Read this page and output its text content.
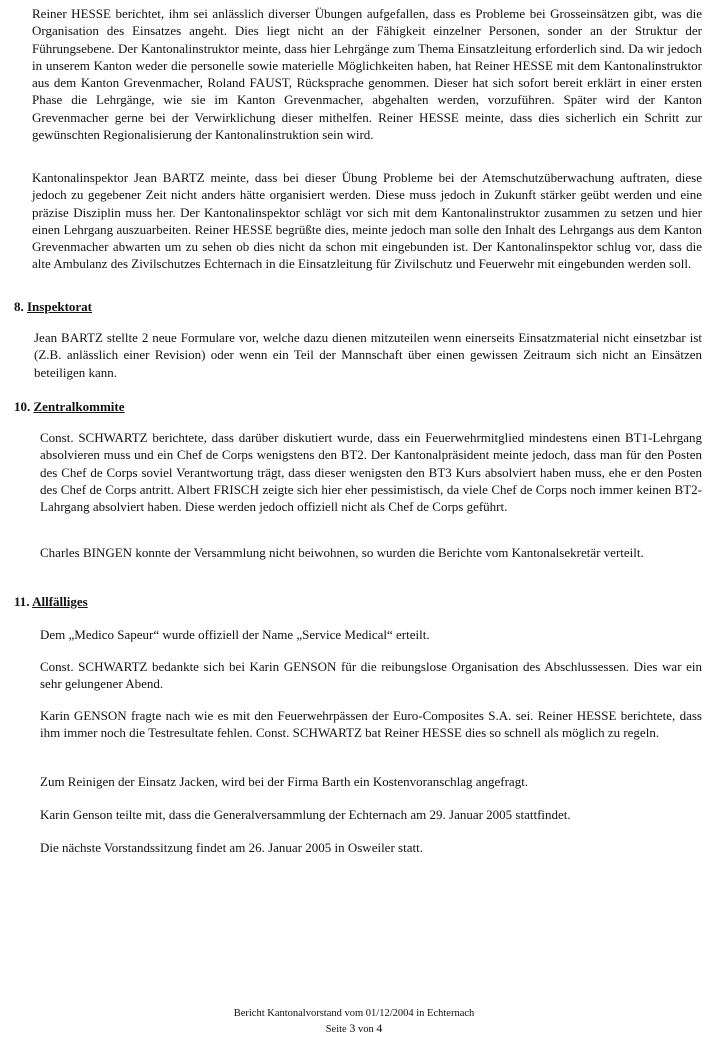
Reiner HESSE berichtet, ihm sei anlässlich diverser Übungen aufgefallen, dass es Probleme bei Grosseinsätzen gibt, was die Organisation des Einsatzes angeht. Dies liegt nicht an der Fähigkeit einzelner Personen, sonder an der Struktur der Führungsebene. Der Kantonalinstruktor meinte, dass hier Lehrgänge zum Thema Einsatzleitung erforderlich sind. Da wir jedoch in unserem Kanton weder die personelle sowie materielle Möglichkeiten haben, hat Reiner HESSE mit dem Kantonalinstruktor aus dem Kanton Grevenmacher, Roland FAUST, Rücksprache genommen. Dieser hat sich sofort bereit erklärt in einer ersten Phase die Lehrgänge, wie sie im Kanton Grevenmacher, abgehalten werden, vorzuführen. Später wird der Kanton Grevenmacher gerne bei der Verwirklichung dieser mithelfen. Reiner HESSE meinte, dass dies sicherlich ein Schritt zur gewünschten Regionalisierung der Kantonalinstruktion sein wird.

Kantonalinspektor Jean BARTZ meinte, dass bei dieser Übung Probleme bei der Atemschutzüberwachung auftraten, diese jedoch zu gegebener Zeit nicht anders hätte organisiert werden. Diese muss jedoch in Zukunft stärker geübt werden und eine präzise Disziplin muss her. Der Kantonalinspektor schlägt vor sich mit dem Kantonalinstruktor zusammen zu setzen und hier einen Lehrgang auszuarbeiten. Reiner HESSE begrüßte dies, meinte jedoch man solle den Inhalt des Lehrgangs aus dem Kanton Grevenmacher abwarten um zu sehen ob dies nicht da schon mit eingebunden ist. Der Kantonalinspektor schlug vor, dass die alte Ambulanz des Zivilschutzes Echternach in die Einsatzleitung für Zivilschutz und Feuerwehr mit eingebunden werden soll.

8. Inspektorat

Jean BARTZ stellte 2 neue Formulare vor, welche dazu dienen mitzuteilen wenn einerseits Einsatzmaterial nicht einsetzbar ist (Z.B. anlässlich einer Revision) oder wenn ein Teil der Mannschaft über einen gewissen Zeitraum sich nicht an Einsätzen beteiligen kann.

10. Zentralkommite

Const. SCHWARTZ berichtete, dass darüber diskutiert wurde, dass ein Feuerwehrmitglied mindestens einen BT1-Lehrgang absolvieren muss und ein Chef de Corps wenigstens den BT2. Der Kantonalpräsident meinte jedoch, dass man für den Posten des Chef de Corps soviel Verantwortung trägt, dass dieser wenigsten den BT3 Kurs absolviert haben muss, ehe er den Posten des Chef de Corps antritt. Albert FRISCH zeigte sich hier eher pessimistisch, da viele Chef de Corps noch immer keinen BT2-Lahrgang absolviert haben. Diese werden jedoch offiziell nicht als Chef de Corps geführt.

Charles BINGEN konnte der Versammlung nicht beiwohnen, so wurden die Berichte vom Kantonalsekretär verteilt.

11. Allfälliges

Dem „Medico Sapeur“ wurde offiziell der Name „Service Medical“ erteilt.

Const. SCHWARTZ bedankte sich bei Karin GENSON für die reibungslose Organisation des Abschlussessen. Dies war ein sehr gelungener Abend.

Karin GENSON fragte nach wie es mit den Feuerwehrpässen der Euro-Composites S.A. sei. Reiner HESSE berichtete, dass ihm immer noch die Testresultate fehlen. Const. SCHWARTZ bat Reiner HESSE dies so schnell als möglich zu regeln.

Zum Reinigen der Einsatz Jacken, wird bei der Firma Barth ein Kostenvoranschlag angefragt.

Karin Genson teilte mit, dass die Generalversammlung der Echternach am 29. Januar 2005 stattfindet.

Die nächste Vorstandssitzung findet am 26. Januar 2005 in Osweiler statt.

Bericht Kantonalvorstand vom 01/12/2004 in Echternach
Seite 3 von 4
